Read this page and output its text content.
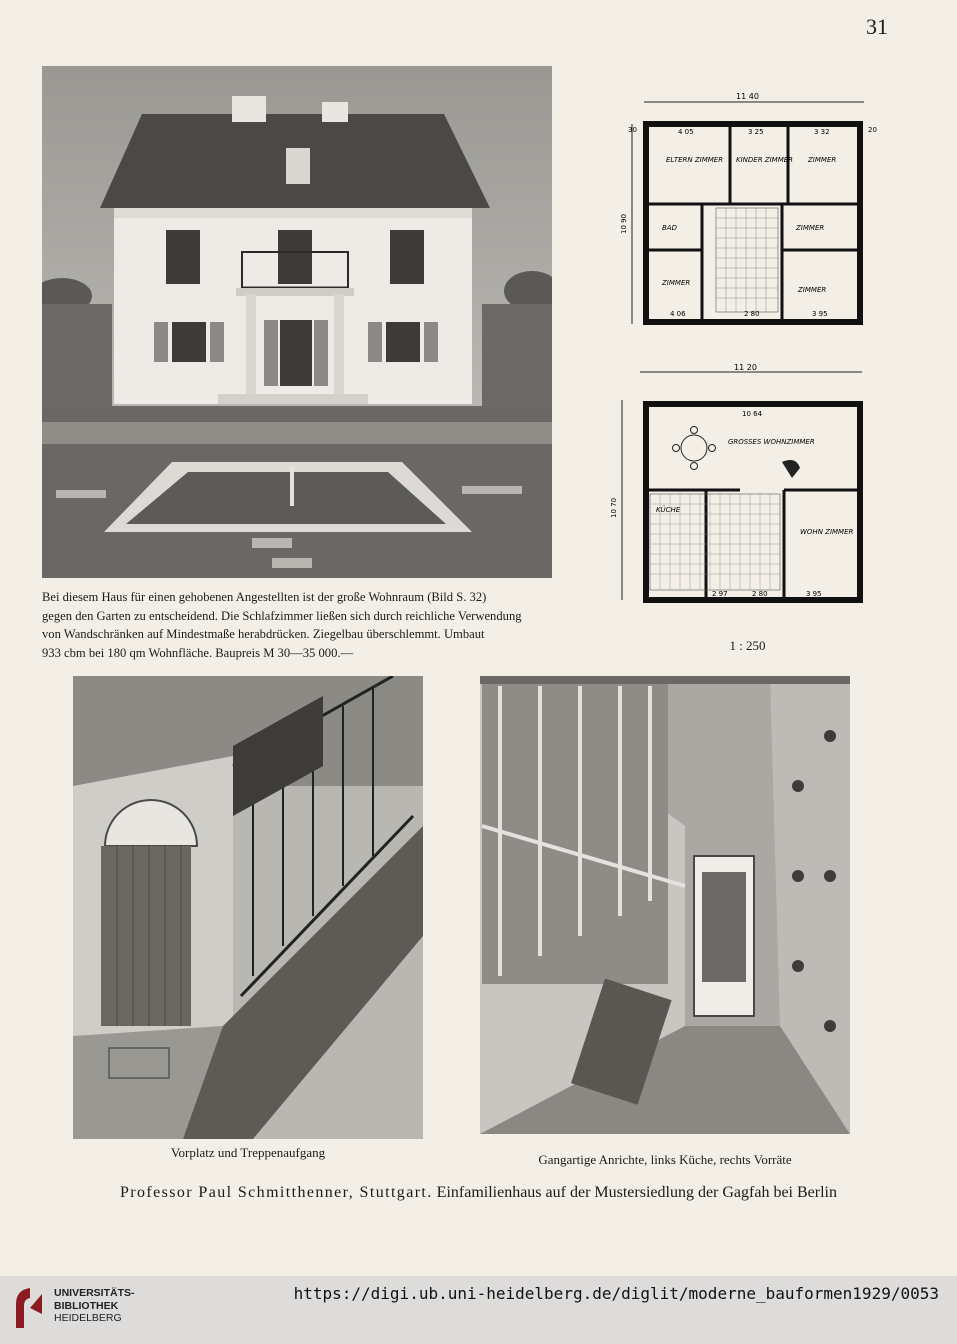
31
11 40
10 90
ELTERN ZIMMER KINDER ZIMMER ZIMMER
ZIMMER
ZIMMER
ZIMMER
BAD
4 05	3 25	3 32
4 06	2 80	3 95
30	20
11 20
10 70
GROSSES WOHNZIMMER
KÜCHE
WOHN ZIMMER
10 64
3 95
2 97	2 80
Bei diesem Haus für einen gehobenen Angestellten ist der große Wohnraum (Bild S. 32)
gegen den Garten zu entscheidend. Die Schlafzimmer ließen sich durch reichliche Verwendung
von Wandschränken auf Mindestmaße herabdrücken. Ziegelbau überschlemmt. Umbaut
933 cbm bei 180 qm Wohnfläche. Baupreis M 30—35 000.—	1 : 250
Vorplatz und Treppenaufgang	Gangartige Anrichte, links Küche, rechts Vorräte
Professor Paul Schmitthenner, Stuttgart. Einfamilienhaus auf der Mustersiedlung der Gagfah bei Berlin
UNIVERSITÄTS-
BIBLIOTHEK
HEIDELBERG
https://digi.ub.uni-heidelberg.de/diglit/moderne_bauformen1929/0053
